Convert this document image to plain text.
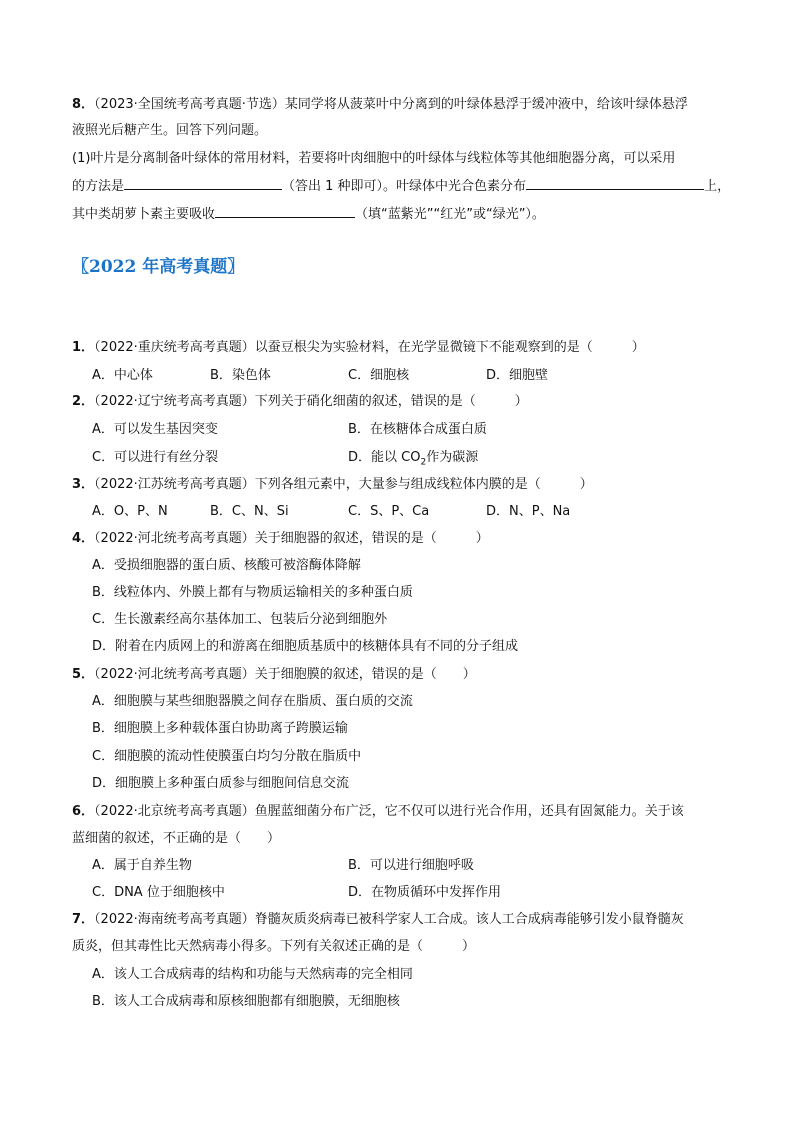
8．（2023·全国统考高考真题·节选）某同学将从菠菜叶中分离到的叶绿体悬浮于缓冲液中，给该叶绿体悬浮
液照光后糖产生。回答下列问题。
(1)叶片是分离制备叶绿体的常用材料，若要将叶肉细胞中的叶绿体与线粒体等其他细胞器分离，可以采用
的方法是	（答出 1 种即可）。叶绿体中光合色素分布	上，
其中类胡萝卜素主要吸收	（填“蓝紫光”“红光”或“绿光”）。
〖2022 年高考真题〗
1．（2022·重庆统考高考真题）以蚕豆根尖为实验材料，在光学显微镜下不能观察到的是（　　　）
A．中心体	B．染色体	C．细胞核	D．细胞壁
2．（2022·辽宁统考高考真题）下列关于硝化细菌的叙述，错误的是（　　　）
A．可以发生基因突变	B．在核糖体合成蛋白质
C．可以进行有丝分裂	D．能以 $CO_2$作为碳源
3．（2022·江苏统考高考真题）下列各组元素中，大量参与组成线粒体内膜的是（　　　）
A．O、P、N	B．C、N、Si	C．S、P、Ca	D．N、P、Na
4．（2022·河北统考高考真题）关于细胞器的叙述，错误的是（　　　）
A．受损细胞器的蛋白质、核酸可被溶酶体降解
B．线粒体内、外膜上都有与物质运输相关的多种蛋白质
C．生长激素经高尔基体加工、包装后分泌到细胞外
D．附着在内质网上的和游离在细胞质基质中的核糖体具有不同的分子组成
5．（2022·河北统考高考真题）关于细胞膜的叙述，错误的是（　　）
A．细胞膜与某些细胞器膜之间存在脂质、蛋白质的交流
B．细胞膜上多种载体蛋白协助离子跨膜运输
C．细胞膜的流动性使膜蛋白均匀分散在脂质中
D．细胞膜上多种蛋白质参与细胞间信息交流
6．（2022·北京统考高考真题）鱼腥蓝细菌分布广泛，它不仅可以进行光合作用，还具有固氮能力。关于该
蓝细菌的叙述，不正确的是（　　）
A．属于自养生物	B．可以进行细胞呼吸
C．DNA 位于细胞核中	D．在物质循环中发挥作用
7．（2022·海南统考高考真题）脊髓灰质炎病毒已被科学家人工合成。该人工合成病毒能够引发小鼠脊髓灰
质炎，但其毒性比天然病毒小得多。下列有关叙述正确的是（　　　）
A．该人工合成病毒的结构和功能与天然病毒的完全相同
B．该人工合成病毒和原核细胞都有细胞膜，无细胞核
